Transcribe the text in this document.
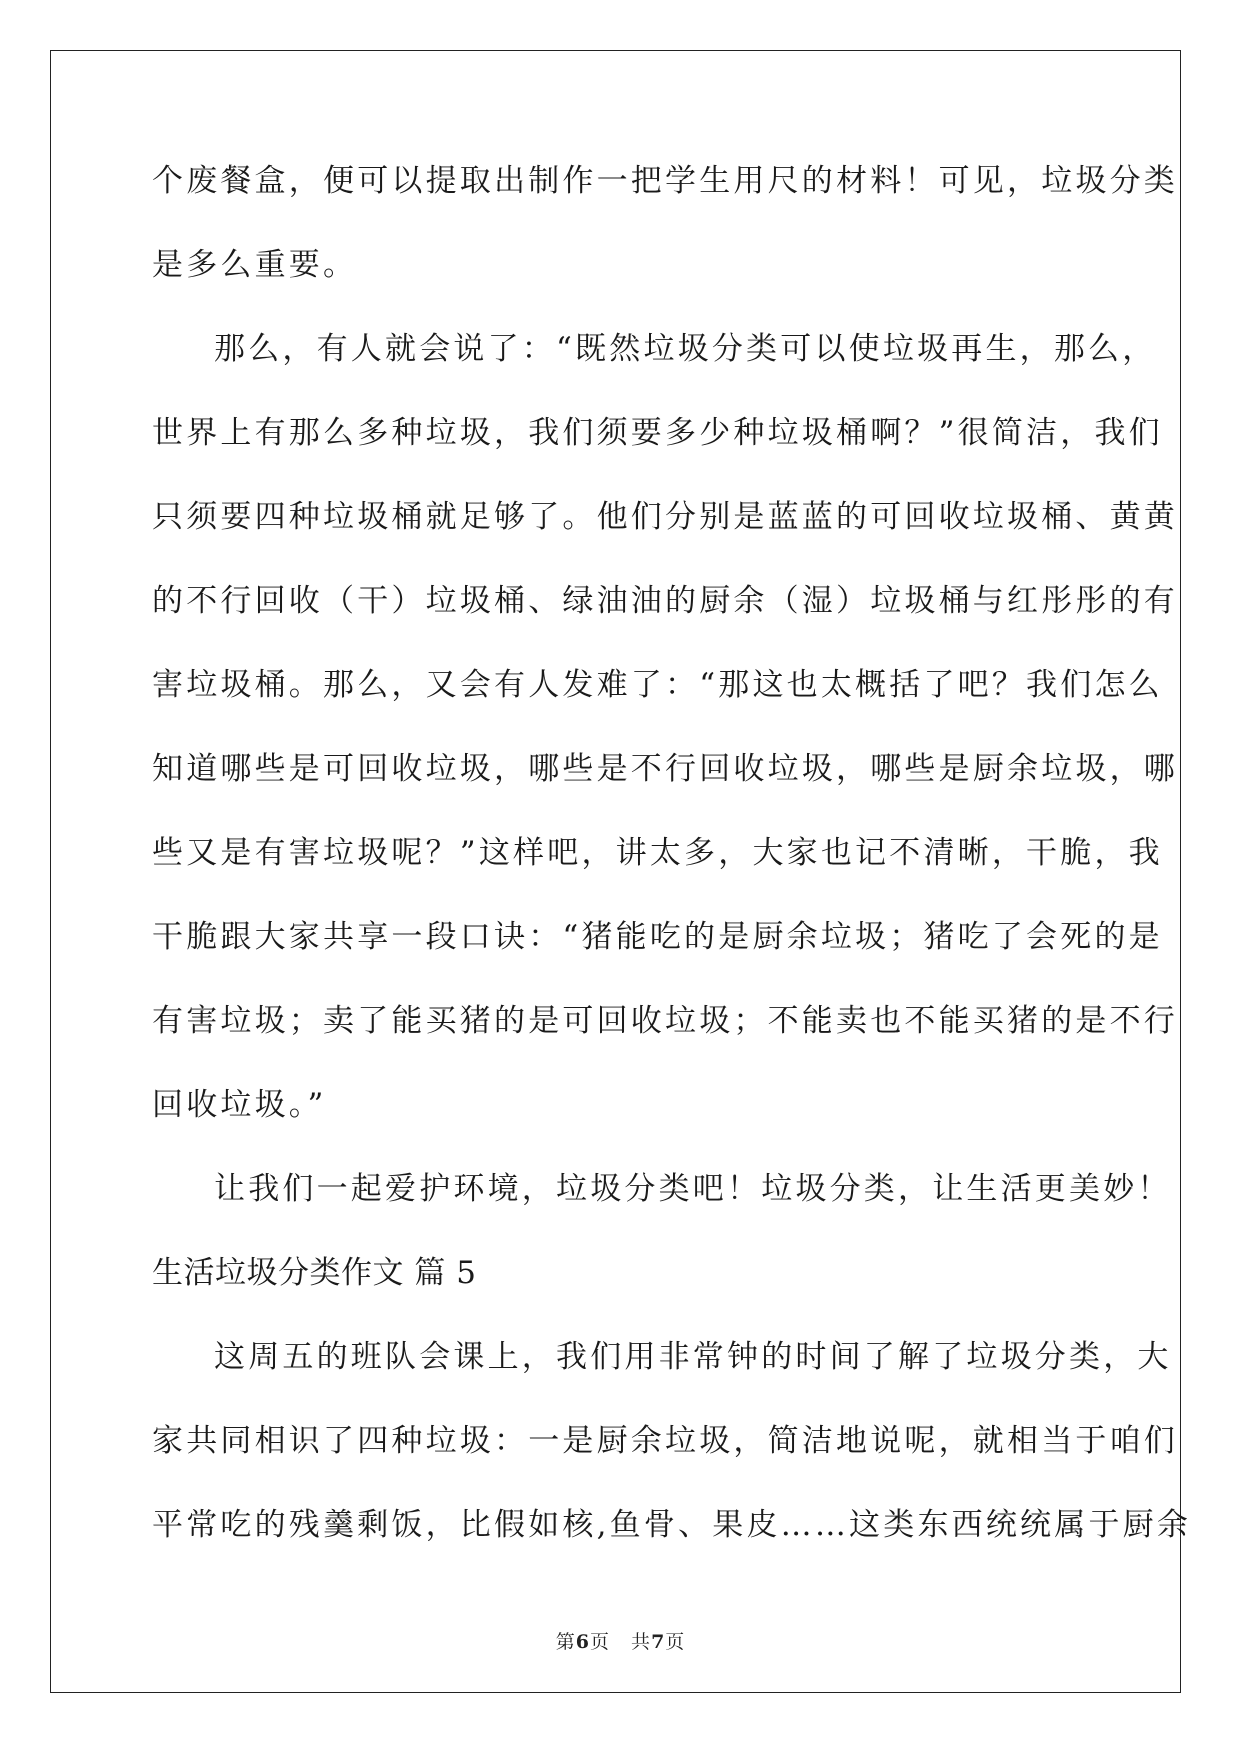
个废餐盒，便可以提取出制作一把学生用尺的材料！可见，垃圾分类
是多么重要。
那么，有人就会说了：“既然垃圾分类可以使垃圾再生，那么，
世界上有那么多种垃圾，我们须要多少种垃圾桶啊？”很简洁，我们
只须要四种垃圾桶就足够了。他们分别是蓝蓝的可回收垃圾桶、黄黄
的不行回收（干）垃圾桶、绿油油的厨余（湿）垃圾桶与红彤彤的有
害垃圾桶。那么，又会有人发难了：“那这也太概括了吧？我们怎么
知道哪些是可回收垃圾，哪些是不行回收垃圾，哪些是厨余垃圾，哪
些又是有害垃圾呢？”这样吧，讲太多，大家也记不清晰，干脆，我
干脆跟大家共享一段口诀：“猪能吃的是厨余垃圾；猪吃了会死的是
有害垃圾；卖了能买猪的是可回收垃圾；不能卖也不能买猪的是不行
回收垃圾。”
让我们一起爱护环境，垃圾分类吧！垃圾分类，让生活更美妙！
生活垃圾分类作文 篇 5
这周五的班队会课上，我们用非常钟的时间了解了垃圾分类，大
家共同相识了四种垃圾：一是厨余垃圾，简洁地说呢，就相当于咱们
平常吃的残羹剩饭，比假如核,鱼骨、果皮……这类东西统统属于厨余
第6页   共7页
